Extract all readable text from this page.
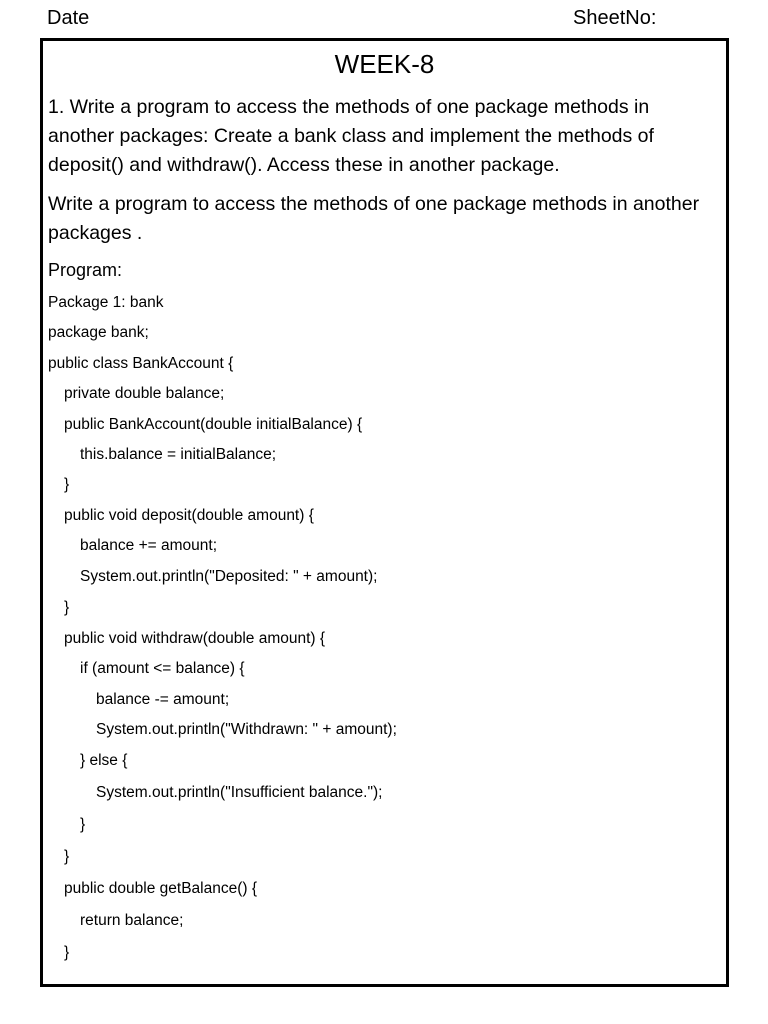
Date	SheetNo:
WEEK-8

1. Write a program to access the methods of one package methods in another packages: Create a bank class and implement the methods of deposit() and withdraw(). Access these in another package.

Write a program to access the methods of one package methods in another packages .

Program:
Package 1: bank
package bank;
public class BankAccount {
private double balance;
public BankAccount(double initialBalance) {
this.balance = initialBalance;
}
public void deposit(double amount) {
balance += amount;
System.out.println("Deposited: " + amount);
}
public void withdraw(double amount) {
if (amount <= balance) {
balance -= amount;
System.out.println("Withdrawn: " + amount);
} else {
System.out.println("Insufficient balance.");
}
}
public double getBalance() {
return balance;
}
